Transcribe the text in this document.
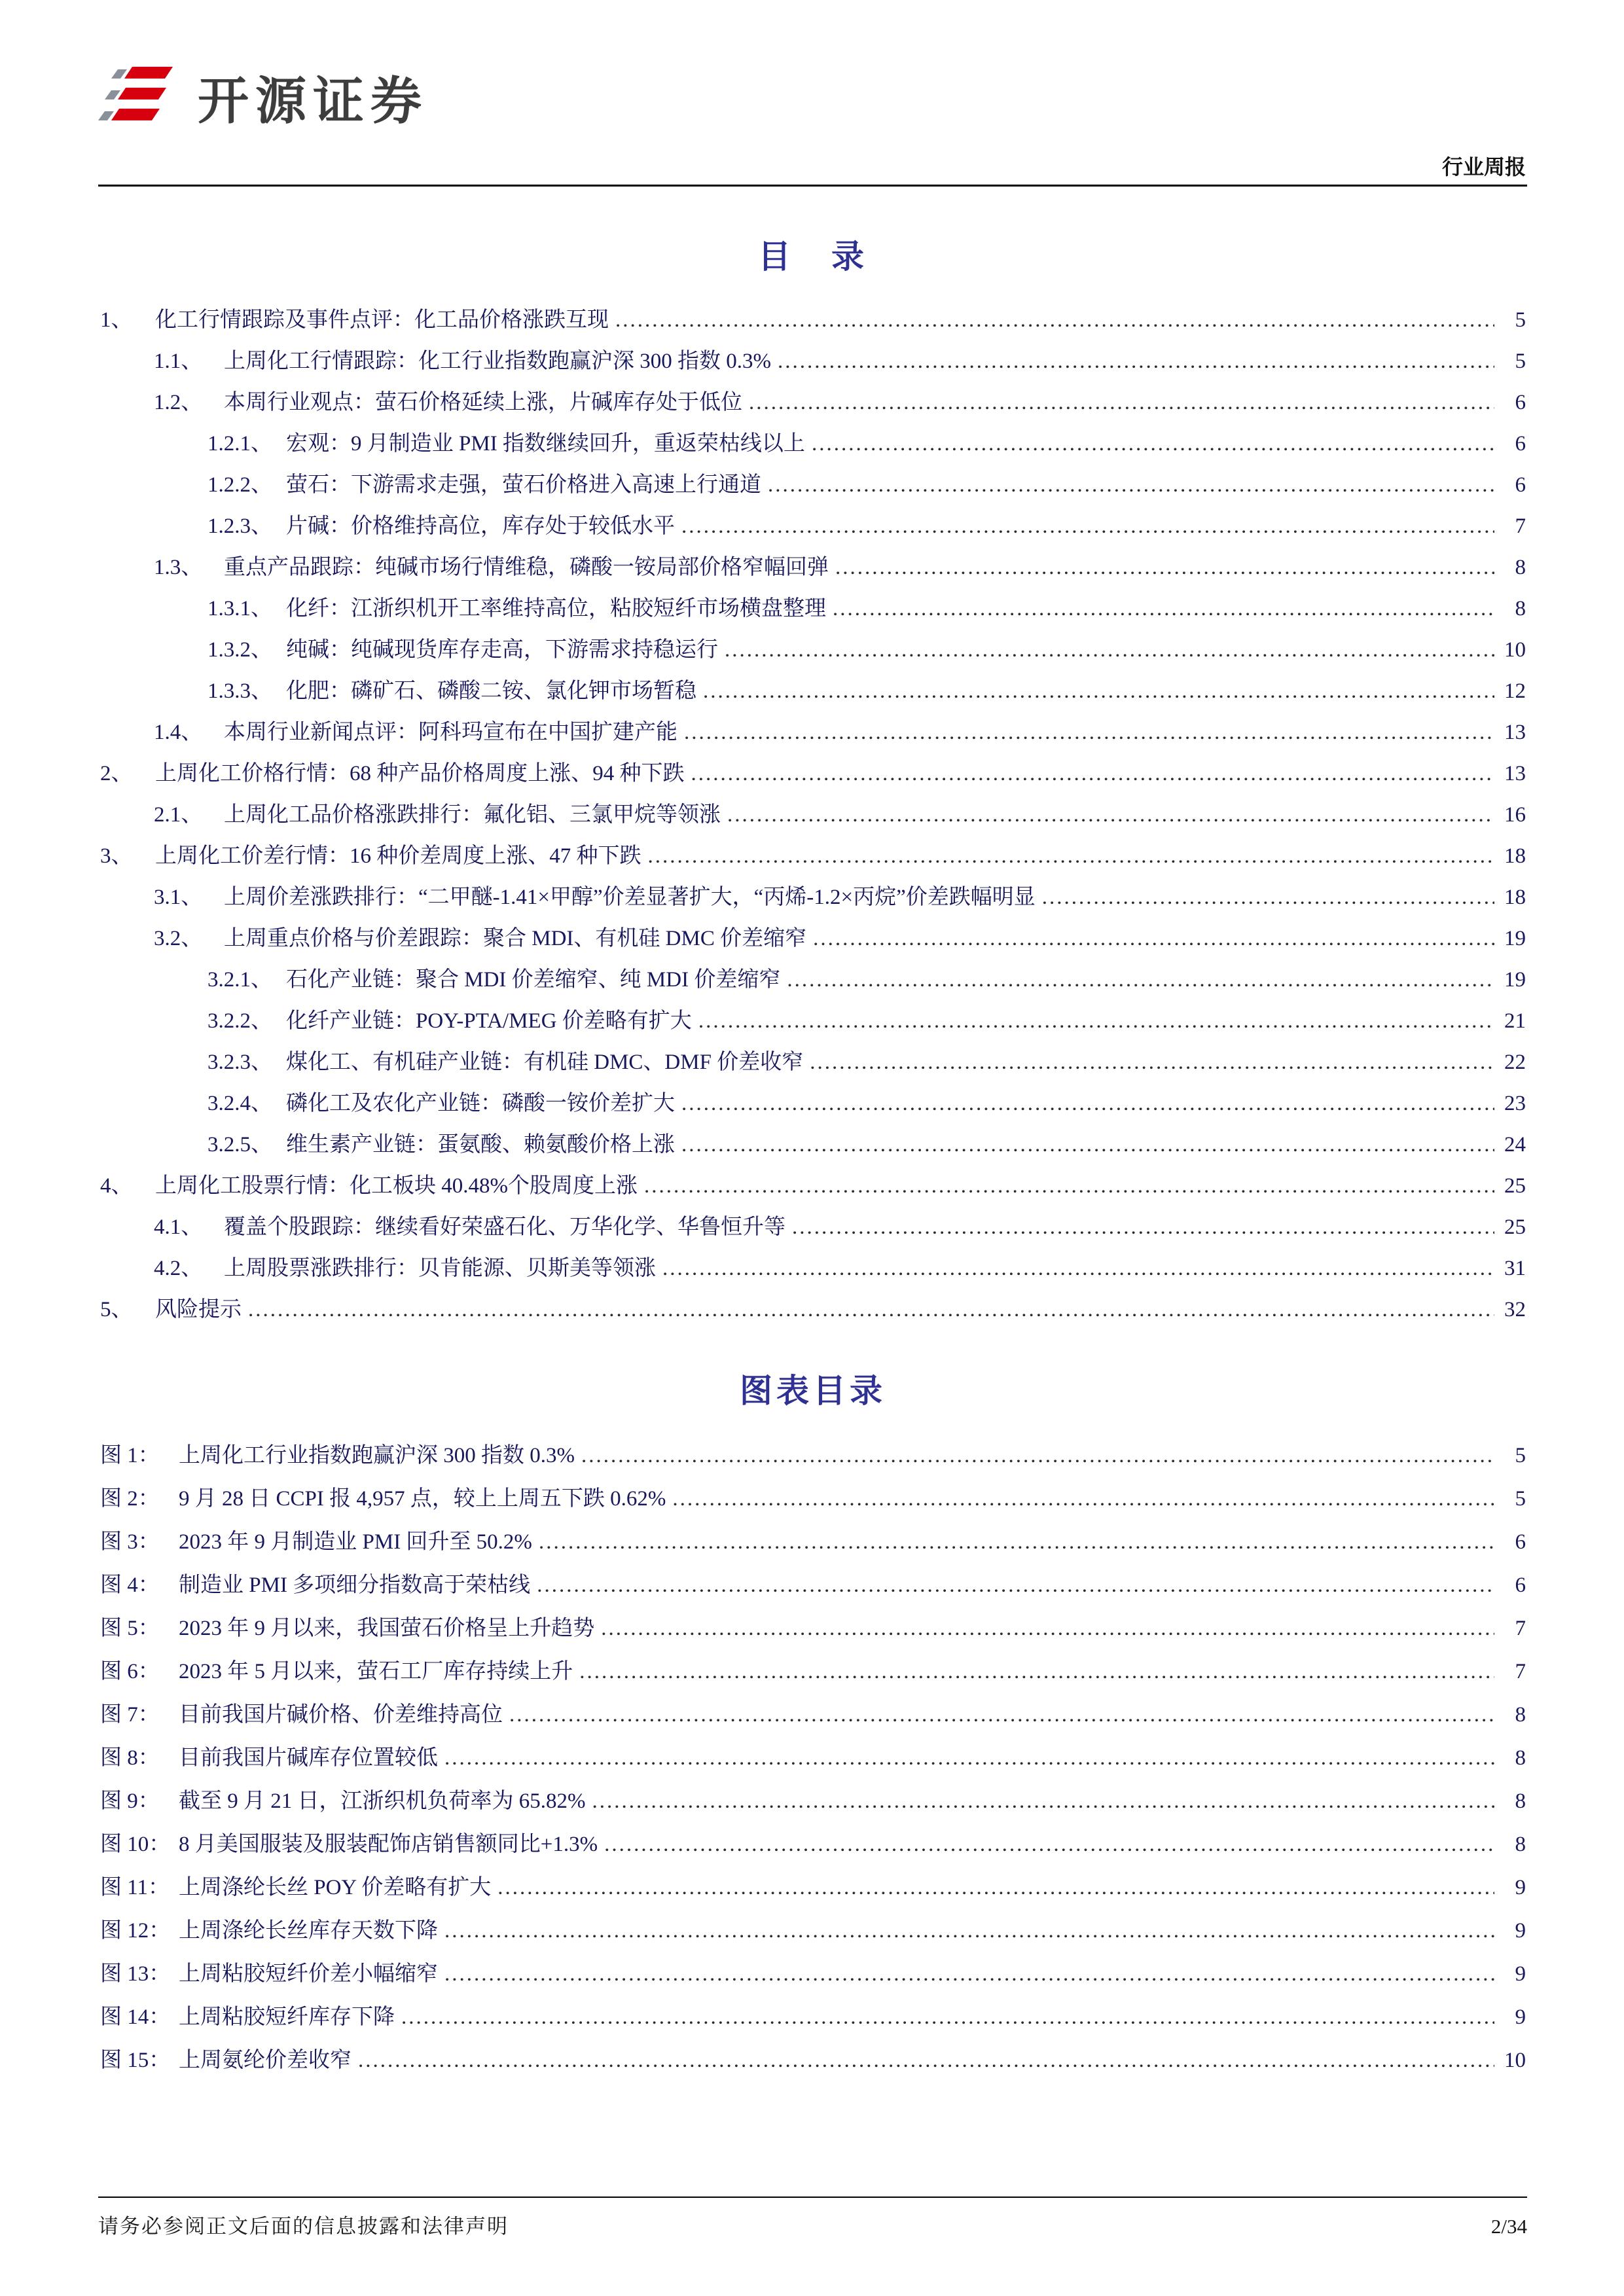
开源证券
行业周报
目　录
1、	化工行情跟踪及事件点评：化工品价格涨跌互现 .....	5
1.1、 上周化工行情跟踪：化工行业指数跑赢沪深 300 指数 0.3% .....	5
1.2、 本周行业观点：萤石价格延续上涨，片碱库存处于低位 .....	6
1.2.1、 宏观：9 月制造业 PMI 指数继续回升，重返荣枯线以上 .....	6
1.2.2、 萤石：下游需求走强，萤石价格进入高速上行通道 .....	6
1.2.3、 片碱：价格维持高位，库存处于较低水平 .....	7
1.3、 重点产品跟踪：纯碱市场行情维稳，磷酸一铵局部价格窄幅回弹 .....	8
1.3.1、 化纤：江浙织机开工率维持高位，粘胶短纤市场横盘整理 .....	8
1.3.2、 纯碱：纯碱现货库存走高，下游需求持稳运行 .....	10
1.3.3、 化肥：磷矿石、磷酸二铵、氯化钾市场暂稳 .....	12
1.4、 本周行业新闻点评：阿科玛宣布在中国扩建产能 .....	13
2、	上周化工价格行情：68 种产品价格周度上涨、94 种下跌 .....	13
2.1、 上周化工品价格涨跌排行：氟化铝、三氯甲烷等领涨 .....	16
3、	上周化工价差行情：16 种价差周度上涨、47 种下跌 .....	18
3.1、 上周价差涨跌排行：“二甲醚-1.41×甲醇”价差显著扩大，“丙烯-1.2×丙烷”价差跌幅明显 .....	18
3.2、 上周重点价格与价差跟踪：聚合 MDI、有机硅 DMC 价差缩窄 .....	19
3.2.1、 石化产业链：聚合 MDI 价差缩窄、纯 MDI 价差缩窄 .....	19
3.2.2、 化纤产业链：POY-PTA/MEG 价差略有扩大 .....	21
3.2.3、 煤化工、有机硅产业链：有机硅 DMC、DMF 价差收窄 .....	22
3.2.4、 磷化工及农化产业链：磷酸一铵价差扩大 .....	23
3.2.5、 维生素产业链：蛋氨酸、赖氨酸价格上涨 .....	24
4、	上周化工股票行情：化工板块 40.48%个股周度上涨 .....	25
4.1、 覆盖个股跟踪：继续看好荣盛石化、万华化学、华鲁恒升等 .....	25
4.2、 上周股票涨跌排行：贝肯能源、贝斯美等领涨 .....	31
5、	风险提示 .....	32
图表目录
图 1： 上周化工行业指数跑赢沪深 300 指数 0.3% .....	5
图 2： 9 月 28 日 CCPI 报 4,957 点，较上上周五下跌 0.62% .....	5
图 3： 2023 年 9 月制造业 PMI 回升至 50.2% .....	6
图 4： 制造业 PMI 多项细分指数高于荣枯线 .....	6
图 5： 2023 年 9 月以来，我国萤石价格呈上升趋势 .....	7
图 6： 2023 年 5 月以来，萤石工厂库存持续上升 .....	7
图 7： 目前我国片碱价格、价差维持高位 .....	8
图 8： 目前我国片碱库存位置较低 .....	8
图 9： 截至 9 月 21 日，江浙织机负荷率为 65.82% .....	8
图 10： 8 月美国服装及服装配饰店销售额同比+1.3% .....	8
图 11： 上周涤纶长丝 POY 价差略有扩大 .....	9
图 12： 上周涤纶长丝库存天数下降 .....	9
图 13： 上周粘胶短纤价差小幅缩窄 .....	9
图 14： 上周粘胶短纤库存下降 .....	9
图 15： 上周氨纶价差收窄 .....	10
请务必参阅正文后面的信息披露和法律声明	2/34
